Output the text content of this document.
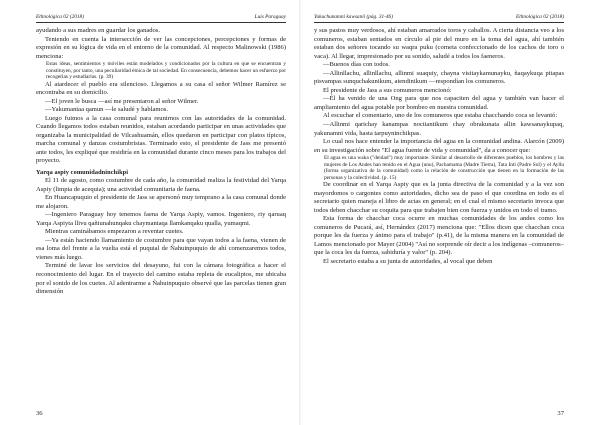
Ethnológica 02 (2018)	Luis Paraguay

ayudando a sus madres en guardar los ganados.

Teniendo en cuenta la intersección de ver las concepciones, percepciones y formas de expresión en su lógica de vida en el entorno de la comunidad. Al respecto Malinowski (1986) menciona:

Estas ideas, sentimientos y móviles están modelados y condicionados por la cultura en que se encuentran y constituyen, por tanto, una peculiaridad étnica de tal sociedad. En consecuencia, debemos hacer un esfuerzo por recogerlas y estudiarlas. (p. 39)

Al atardecer el pueblo era silencioso. Llegamos a su casa el señor Wilmer Ramírez se encontraba en su domicilio.

—El joven le busca —así me presentaron al señor Wilmer.

—Yakumantaa qamun —le saludé y hablamos.

Luego fuimos a la casa comunal para reunirnos con las autoridades de la comunidad. Cuando llegamos todos estaban reunidos, estaban acordando participar en unas actividades que organizaba la municipalidad de Vilcashuamán, ellos quedaron en participar con platos típicos, marcha comunal y danzas costumbristas. Terminado esto, el presidente de Jass me presentó ante todos, les expliqué que residiría en la comunidad durante cinco meses para los trabajos del proyecto.

Yarqa aspiy comunidadninchikpi

El 11 de agosto, como costumbre de cada año, la comunidad realiza la festividad del Yarqa Aspiy (limpia de acequia); una actividad comunitaria de faena.

En Huancapuquio el presidente de Jass se apersonó muy temprano a la casa comunal donde me alojaron.

—Ingeniero Paraguay hoy tenemos faena de Yarqa Aspiy, vamos. Ingeniero, riy qaruaq Yarqa Aspiyta llivu qañiunahunqaku chaymantaqa llamkanqaku qualla, yumaqmi.

Mientras caminábamos empezaron a reventar cuetes.

—Ya están haciendo llamamiento de costumbre para que vayan todos a la faena, vienen de esa loma del frente a la vuelta está el puquial de Ñahuinpuquio de ahí comenzaremos todos, vienes más luego.

Terminé de lavar los servicios del desayuno, fui con la cámara fotográfica a hacer el reconocimiento del lugar. En el trayecto del camino estaba repleta de eucaliptos, me ubicaba por el sonido de los cuetes. Al adentrarme a Ñahuinpuquio observé que las parcelas tienen gran dimensión

36
Yakuchunamni kawsanii (pág. 31-46)	Ethnológica 02 (2018)

y sus pastos muy verdosos, ahí estaban amarrados toros y caballos. A cierta distancia veo a los comuneros, estaban sentados en círculo al pie del muro en la toma del agua, ahí también estaban dos señores tocando su waqra puku (corneta confeccionado de los cachos de toro o vaca). Al llegar, impresionado por su sonido, saludé a todos los faeneros.

—Buenos días con todos.

—Allinllachu, allinllachu, allinmi suaquiy, chayna visitaykamunayku, ñaqaykuqa pitapas pisvampas sunquchakunikum, atendinikum —respondían los comuneros.

El presidente de Jass a sus comuneros mencionó:

—Él ha venido de una Ong para que nos capaciten del agua y también van hacer el ampliamiento del agua potable por bombeo en nuestra comunidad.

Al escuchar el comentario, uno de los comuneros que estaba chacchando coca se levantó:

—Allinmi qarichay kanampas noctiantikum chay obrakunata allin kawsanaykupaq, yakunamni vida, hasta tarpuyninchikpas.

Lo cual nos hace entender la importancia del agua en la comunidad andina. Alarcón (2009) en su investigación sobre "El agua fuente de vida y comunidad", da a conocer que:

El agua es una waka ("deidad") muy importante. Similar al desarrollo de diferentes pueblos, los hombres y las mujeres de Los Andes han tenido en el Agua (unu), Pachamama (Madre Tierra), Tata Inti (Padre Sol) y el Ayllu (forma organizativa de la comunidad) como la relación de construcción que tienen en la formación de las personas y la colectividad. (p. 15)

De coordinar en el Yarqa Aspiy que es la junta directiva de la comunidad y a la vez son mayordomos o cargontes como autoridades, dicho sea de paso el que coordina en todo es el secretario quien maneja el libro de actas en general; en el cual el mismo secretario invoca que todos deben chacchar su coquita para que trabajen bien con fuerza y unidos en todo el tramo.

Esta forma de chacchar coca ocurre en muchas comunidades de los andes como los comuneros de Pucará, así, Hernández (2017) menciona que: "Ellos dicen que chacchan coca porque les da fuerza y ánimo para el trabajo" (p.41), de la misma manera en la comunidad de Lamos mencionado por Mayer (2004) "Así no sorprende oír decir a los indígenas –comuneros– que la coca les da fuerza, sabiduría y valor" (p. 204).

El secretario estaba a su junta de autoridades, al vocal que deben

37
